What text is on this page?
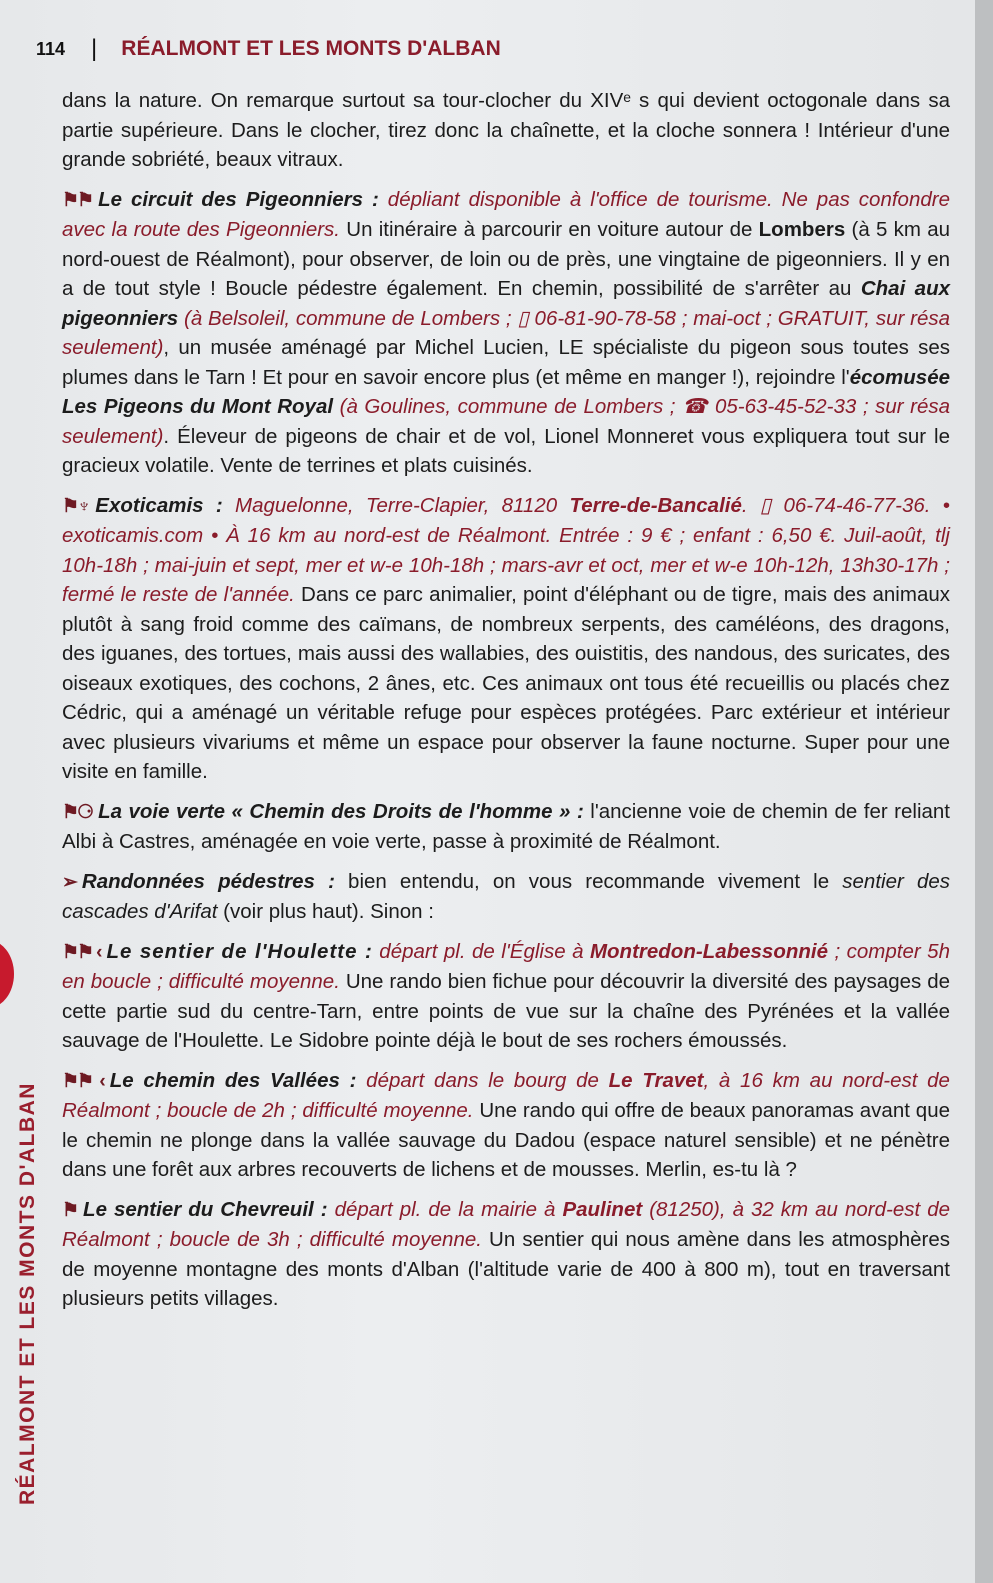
114 | RÉALMONT ET LES MONTS D'ALBAN
RÉALMONT ET LES MONTS D'ALBAN

dans la nature. On remarque surtout sa tour-clocher du XIVᵉ s qui devient octogonale dans sa partie supérieure. Dans le clocher, tirez donc la chaînette, et la cloche sonnera ! Intérieur d'une grande sobriété, beaux vitraux.

⚑⚑ Le circuit des Pigeonniers : dépliant disponible à l'office de tourisme. Ne pas confondre avec la route des Pigeonniers. Un itinéraire à parcourir en voiture autour de Lombers (à 5 km au nord-ouest de Réalmont), pour observer, de loin ou de près, une vingtaine de pigeonniers. Il y en a de tout style ! Boucle pédestre également. En chemin, possibilité de s'arrêter au Chai aux pigeonniers (à Belsoleil, commune de Lombers ; ▯ 06-81-90-78-58 ; mai-oct ; GRATUIT, sur résa seulement), un musée aménagé par Michel Lucien, LE spécialiste du pigeon sous toutes ses plumes dans le Tarn ! Et pour en savoir encore plus (et même en manger !), rejoindre l'écomusée Les Pigeons du Mont Royal (à Goulines, commune de Lombers ; ☎ 05-63-45-52-33 ; sur résa seulement). Éleveur de pigeons de chair et de vol, Lionel Monneret vous expliquera tout sur le gracieux volatile. Vente de terrines et plats cuisinés.

⚑♆ Exoticamis : Maguelonne, Terre-Clapier, 81120 Terre-de-Bancalié. ▯ 06-74-46-77-36. • exoticamis.com • À 16 km au nord-est de Réalmont. Entrée : 9 € ; enfant : 6,50 €. Juil-août, tlj 10h-18h ; mai-juin et sept, mer et w-e 10h-18h ; mars-avr et oct, mer et w-e 10h-12h, 13h30-17h ; fermé le reste de l'année. Dans ce parc animalier, point d'éléphant ou de tigre, mais des animaux plutôt à sang froid comme des caïmans, de nombreux serpents, des caméléons, des dragons, des iguanes, des tortues, mais aussi des wallabies, des ouistitis, des nandous, des suricates, des oiseaux exotiques, des cochons, 2 ânes, etc. Ces animaux ont tous été recueillis ou placés chez Cédric, qui a aménagé un véritable refuge pour espèces protégées. Parc extérieur et intérieur avec plusieurs vivariums et même un espace pour observer la faune nocturne. Super pour une visite en famille.

⚑⚆ La voie verte « Chemin des Droits de l'homme » : l'ancienne voie de chemin de fer reliant Albi à Castres, aménagée en voie verte, passe à proximité de Réalmont.

➢ Randonnées pédestres : bien entendu, on vous recommande vivement le sentier des cascades d'Arifat (voir plus haut). Sinon :

⚑⚑ ‹ Le sentier de l'Houlette : départ pl. de l'Église à Montredon-Labessonnié ; compter 5h en boucle ; difficulté moyenne. Une rando bien fichue pour découvrir la diversité des paysages de cette partie sud du centre-Tarn, entre points de vue sur la chaîne des Pyrénées et la vallée sauvage de l'Houlette. Le Sidobre pointe déjà le bout de ses rochers émoussés.

⚑⚑ ‹ Le chemin des Vallées : départ dans le bourg de Le Travet, à 16 km au nord-est de Réalmont ; boucle de 2h ; difficulté moyenne. Une rando qui offre de beaux panoramas avant que le chemin ne plonge dans la vallée sauvage du Dadou (espace naturel sensible) et ne pénètre dans une forêt aux arbres recouverts de lichens et de mousses. Merlin, es-tu là ?

⚑ Le sentier du Chevreuil : départ pl. de la mairie à Paulinet (81250), à 32 km au nord-est de Réalmont ; boucle de 3h ; difficulté moyenne. Un sentier qui nous amène dans les atmosphères de moyenne montagne des monts d'Alban (l'altitude varie de 400 à 800 m), tout en traversant plusieurs petits villages.
